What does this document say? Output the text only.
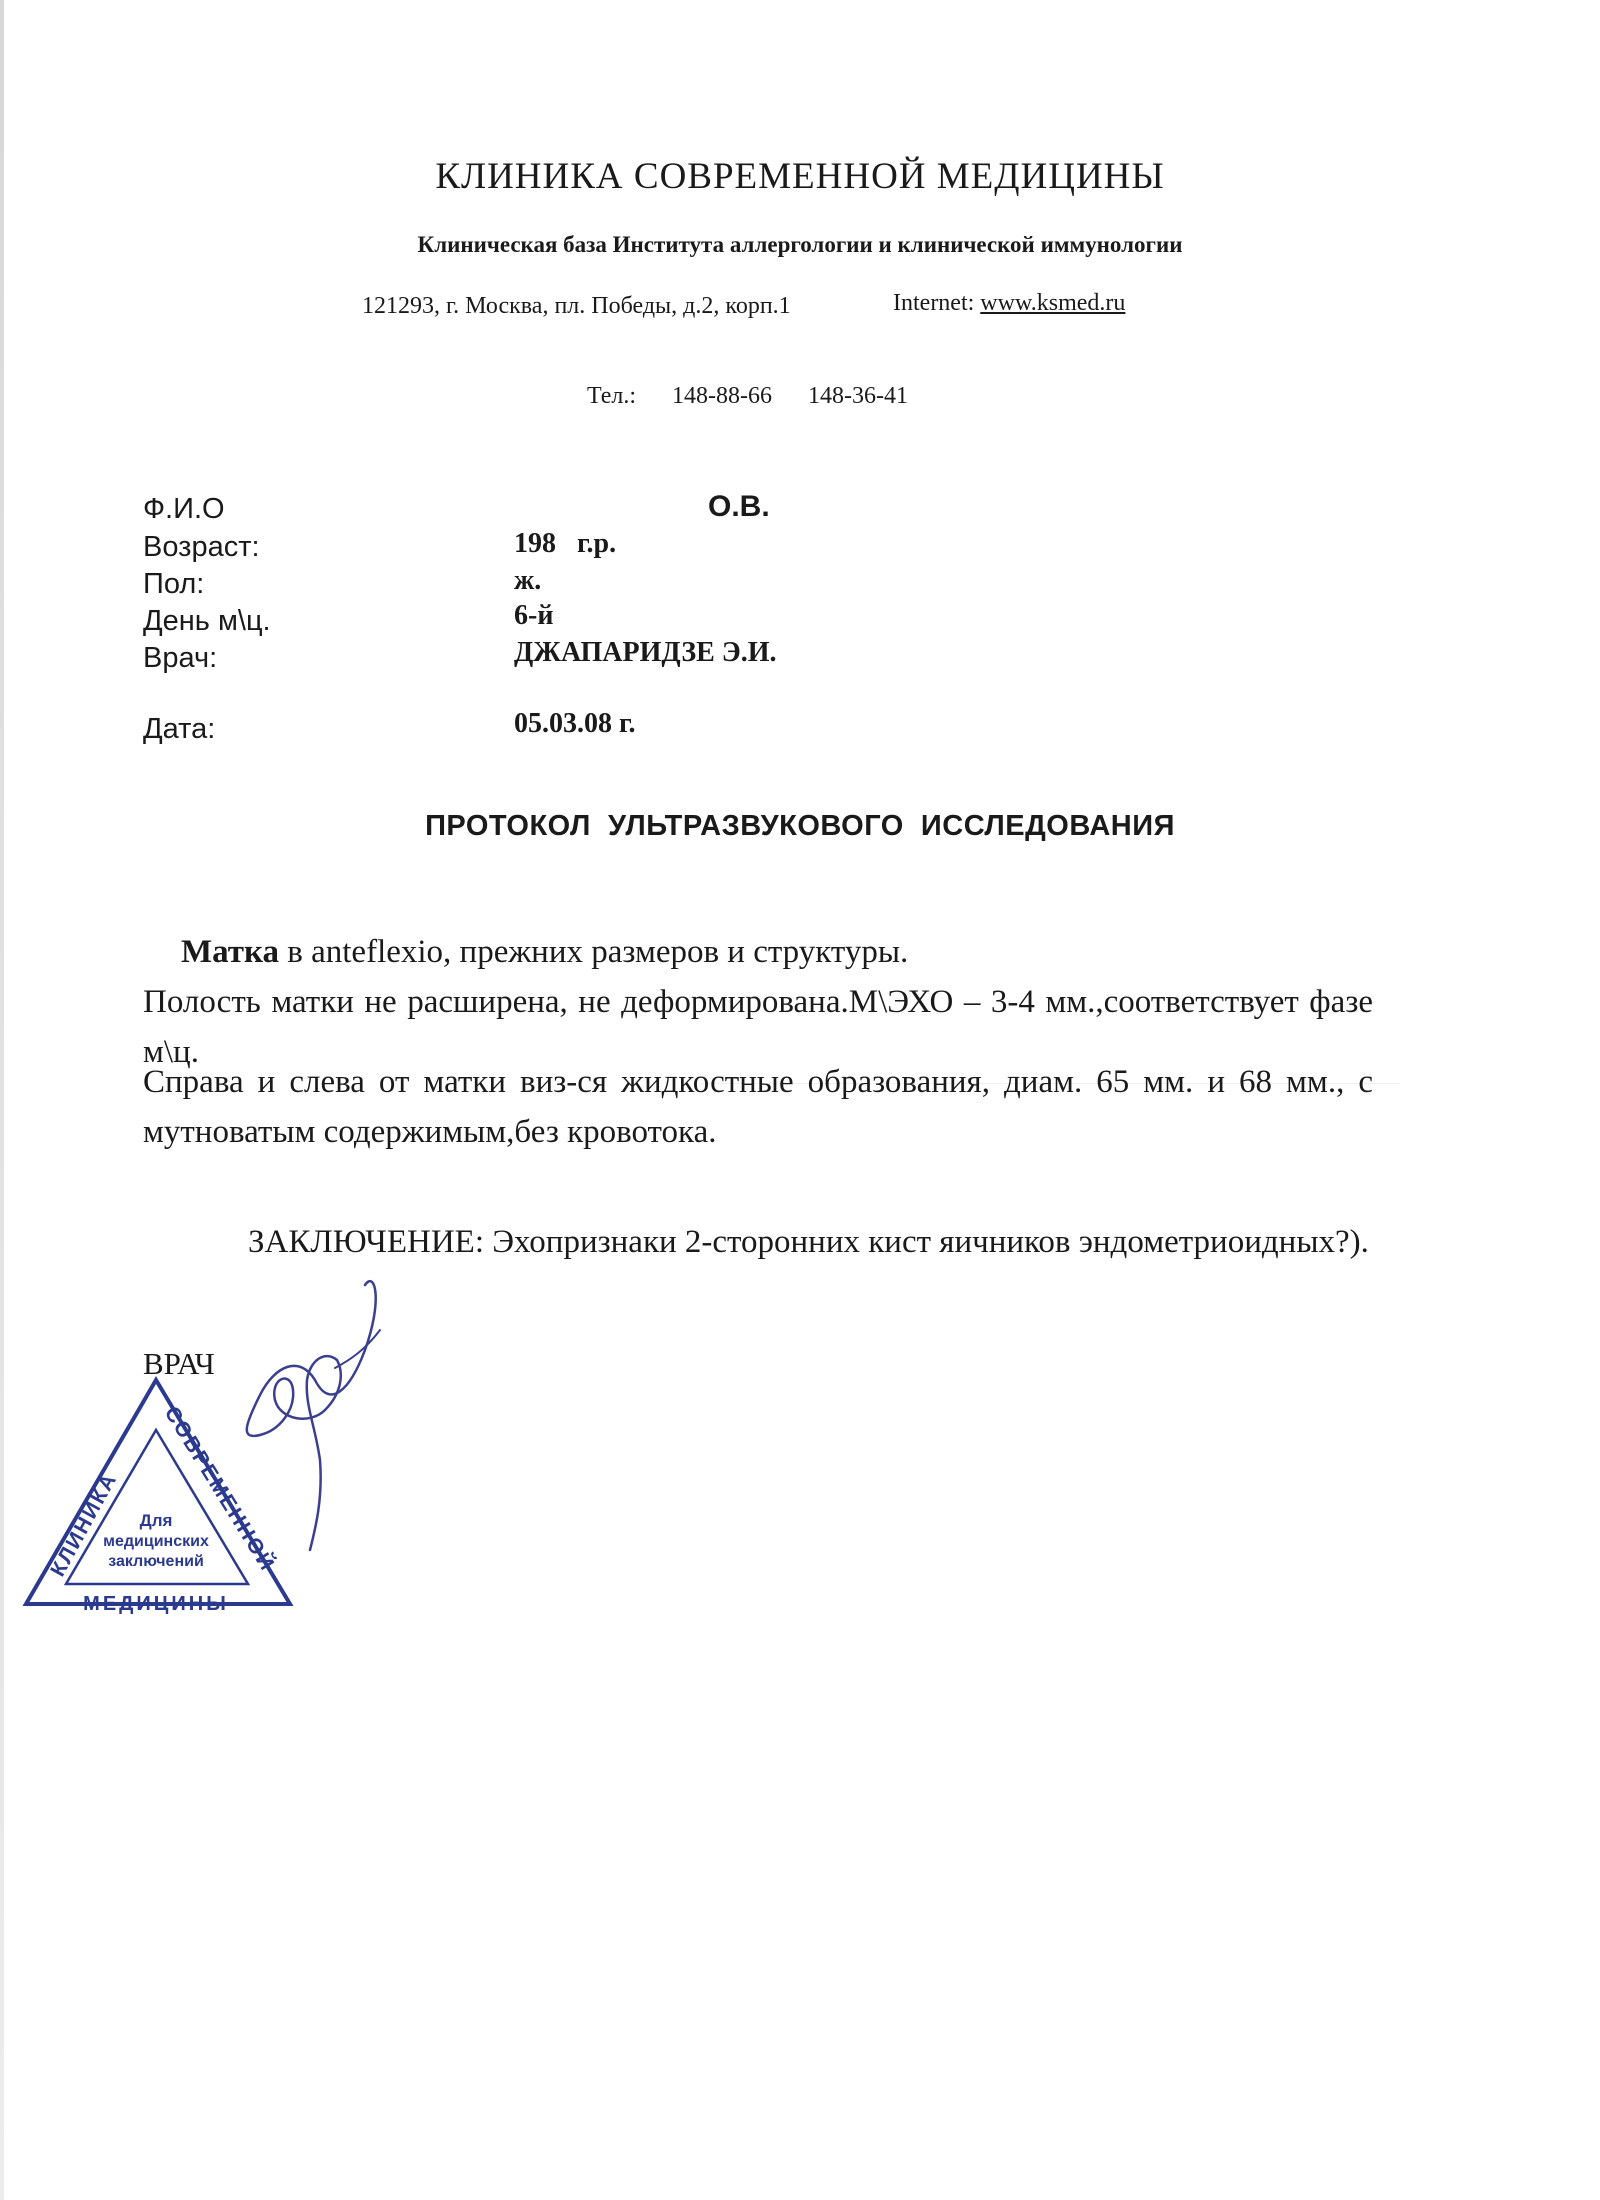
КЛИНИКА СОВРЕМЕННОЙ МЕДИЦИНЫ
Клиническая база Института аллергологии и клинической иммунологии
121293, г. Москва, пл. Победы, д.2, корп.1	Internet: www.ksmed.ru
Тел.: 148-88-66 148-36-41
Ф.И.О	О.В.
Возраст:	198   г.р.
Пол:	ж.
День м\ц.	6-й
Врач:	ДЖАПАРИДЗЕ Э.И.
Дата:	05.03.08 г.
ПРОТОКОЛ  УЛЬТРАЗВУКОВОГО  ИССЛЕДОВАНИЯ
Матка в anteflexio, прежних размеров и структуры.
Полость матки не расширена, не деформирована.М\ЭХО – 3-4 мм.,соответствует фазе м\ц.
Справа и слева от матки виз-ся жидкостные образования, диам. 65 мм. и 68 мм., с мутноватым содержимым,без кровотока.
ЗАКЛЮЧЕНИЕ: Эхопризнаки 2-сторонних кист яичников эндометриоидных?).
ВРАЧ
КЛИНИКА
СОВРЕМЕННОЙ
МЕДИЦИНЫ
Для
медицинских
заключений
